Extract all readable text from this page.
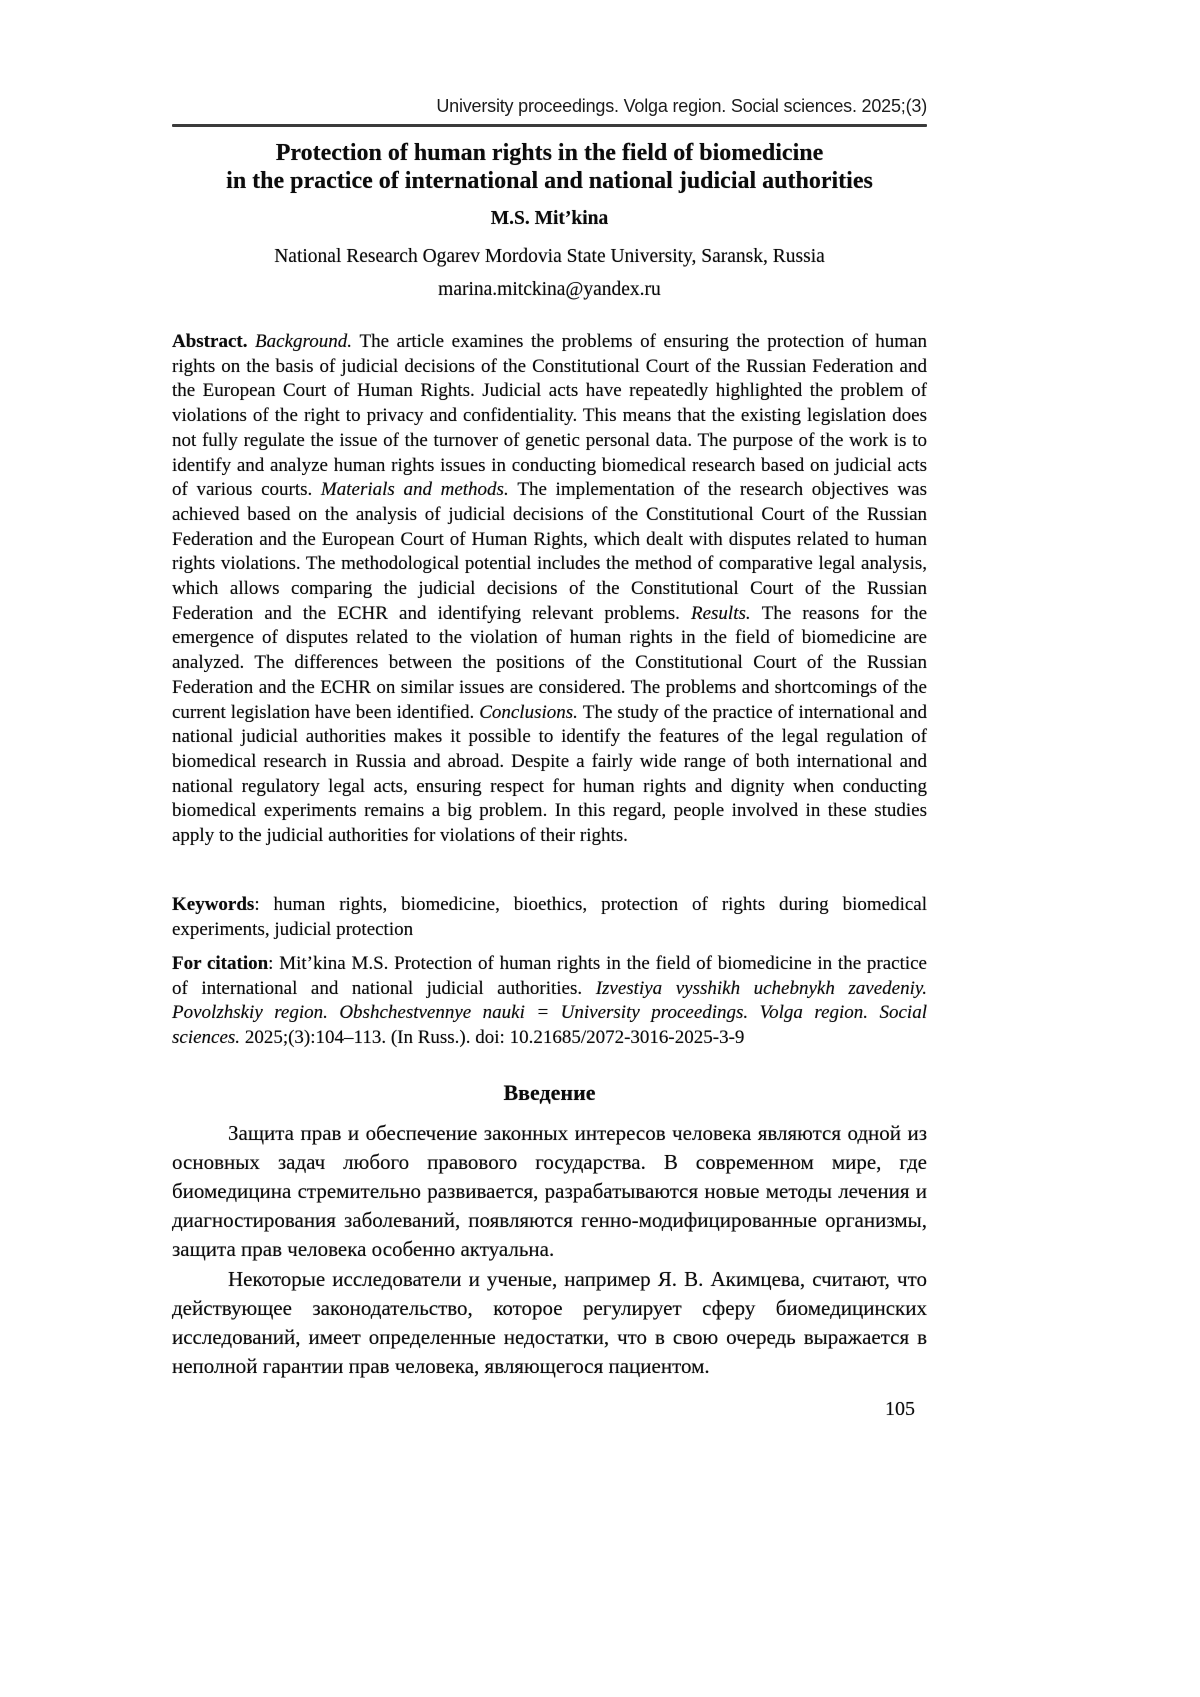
University proceedings. Volga region. Social sciences. 2025;(3)
Protection of human rights in the field of biomedicine
in the practice of international and national judicial authorities
M.S. Mit’kina
National Research Ogarev Mordovia State University, Saransk, Russia
marina.mitckina@yandex.ru
Abstract. Background. The article examines the problems of ensuring the protection of human rights on the basis of judicial decisions of the Constitutional Court of the Russian Federation and the European Court of Human Rights. Judicial acts have repeatedly highlighted the problem of violations of the right to privacy and confidentiality. This means that the existing legislation does not fully regulate the issue of the turnover of genetic personal data. The purpose of the work is to identify and analyze human rights issues in conducting biomedical research based on judicial acts of various courts. Materials and methods. The implementation of the research objectives was achieved based on the analysis of judicial decisions of the Constitutional Court of the Russian Federation and the European Court of Human Rights, which dealt with disputes related to human rights violations. The methodological potential includes the method of comparative legal analysis, which allows comparing the judicial decisions of the Constitutional Court of the Russian Federation and the ECHR and identifying relevant problems. Results. The reasons for the emergence of disputes related to the violation of human rights in the field of biomedicine are analyzed. The differences between the positions of the Constitutional Court of the Russian Federation and the ECHR on similar issues are considered. The problems and shortcomings of the current legislation have been identified. Conclusions. The study of the practice of international and national judicial authorities makes it possible to identify the features of the legal regulation of biomedical research in Russia and abroad. Despite a fairly wide range of both international and national regulatory legal acts, ensuring respect for human rights and dignity when conducting biomedical experiments remains a big problem. In this regard, people involved in these studies apply to the judicial authorities for violations of their rights.
Keywords: human rights, biomedicine, bioethics, protection of rights during biomedical experiments, judicial protection
For citation: Mit’kina M.S. Protection of human rights in the field of biomedicine in the practice of international and national judicial authorities. Izvestiya vysshikh uchebnykh zavedeniy. Povolzhskiy region. Obshchestvennye nauki = University proceedings. Volga region. Social sciences. 2025;(3):104–113. (In Russ.). doi: 10.21685/2072-3016-2025-3-9
Введение
Защита прав и обеспечение законных интересов человека являются одной из основных задач любого правового государства. В современном мире, где биомедицина стремительно развивается, разрабатываются новые методы лечения и диагностирования заболеваний, появляются генно-модифицированные организмы, защита прав человека особенно актуальна.
Некоторые исследователи и ученые, например Я. В. Акимцева, считают, что действующее законодательство, которое регулирует сферу биомедицинских исследований, имеет определенные недостатки, что в свою очередь выражается в неполной гарантии прав человека, являющегося пациентом.
105
